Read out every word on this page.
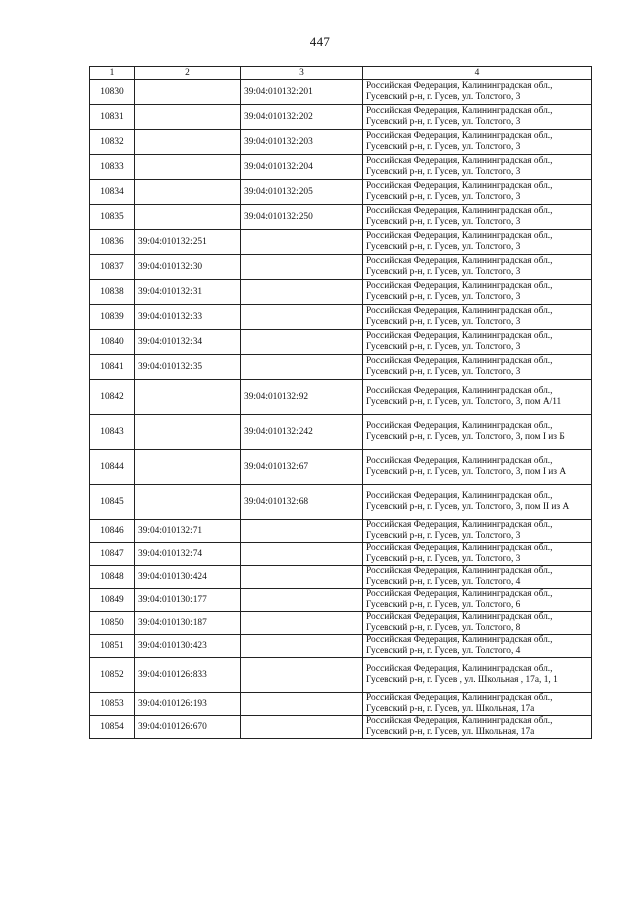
447
1	2	3	4
10830		39:04:010132:201	Российская Федерация, Калининградская обл., Гусевский р-н, г. Гусев, ул. Толстого, 3
10831		39:04:010132:202	Российская Федерация, Калининградская обл., Гусевский р-н, г. Гусев, ул. Толстого, 3
10832		39:04:010132:203	Российская Федерация, Калининградская обл., Гусевский р-н, г. Гусев, ул. Толстого, 3
10833		39:04:010132:204	Российская Федерация, Калининградская обл., Гусевский р-н, г. Гусев, ул. Толстого, 3
10834		39:04:010132:205	Российская Федерация, Калининградская обл., Гусевский р-н, г. Гусев, ул. Толстого, 3
10835		39:04:010132:250	Российская Федерация, Калининградская обл., Гусевский р-н, г. Гусев, ул. Толстого, 3
10836	39:04:010132:251		Российская Федерация, Калининградская обл., Гусевский р-н, г. Гусев, ул. Толстого, 3
10837	39:04:010132:30		Российская Федерация, Калининградская обл., Гусевский р-н, г. Гусев, ул. Толстого, 3
10838	39:04:010132:31		Российская Федерация, Калининградская обл., Гусевский р-н, г. Гусев, ул. Толстого, 3
10839	39:04:010132:33		Российская Федерация, Калининградская обл., Гусевский р-н, г. Гусев, ул. Толстого, 3
10840	39:04:010132:34		Российская Федерация, Калининградская обл., Гусевский р-н, г. Гусев, ул. Толстого, 3
10841	39:04:010132:35		Российская Федерация, Калининградская обл., Гусевский р-н, г. Гусев, ул. Толстого, 3
10842		39:04:010132:92	Российская Федерация, Калининградская обл., Гусевский р-н, г. Гусев, ул. Толстого, 3, пом А/11
10843		39:04:010132:242	Российская Федерация, Калининградская обл., Гусевский р-н, г. Гусев, ул. Толстого, 3, пом I из Б
10844		39:04:010132:67	Российская Федерация, Калининградская обл., Гусевский р-н, г. Гусев, ул. Толстого, 3, пом I из А
10845		39:04:010132:68	Российская Федерация, Калининградская обл., Гусевский р-н, г. Гусев, ул. Толстого, 3, пом II из А
10846	39:04:010132:71		Российская Федерация, Калининградская обл., Гусевский р-н, г. Гусев, ул. Толстого, 3
10847	39:04:010132:74		Российская Федерация, Калининградская обл., Гусевский р-н, г. Гусев, ул. Толстого, 3
10848	39:04:010130:424		Российская Федерация, Калининградская обл., Гусевский р-н, г. Гусев, ул. Толстого, 4
10849	39:04:010130:177		Российская Федерация, Калининградская обл., Гусевский р-н, г. Гусев, ул. Толстого, 6
10850	39:04:010130:187		Российская Федерация, Калининградская обл., Гусевский р-н, г. Гусев, ул. Толстого, 8
10851	39:04:010130:423		Российская Федерация, Калининградская обл., Гусевский р-н, г. Гусев, ул. Толстого, 4
10852	39:04:010126:833		Российская Федерация, Калининградская обл., Гусевский р-н, г. Гусев , ул. Школьная , 17а, 1, 1
10853	39:04:010126:193		Российская Федерация, Калининградская обл., Гусевский р-н, г. Гусев, ул. Школьная, 17а
10854	39:04:010126:670		Российская Федерация, Калининградская обл., Гусевский р-н, г. Гусев, ул. Школьная, 17а
